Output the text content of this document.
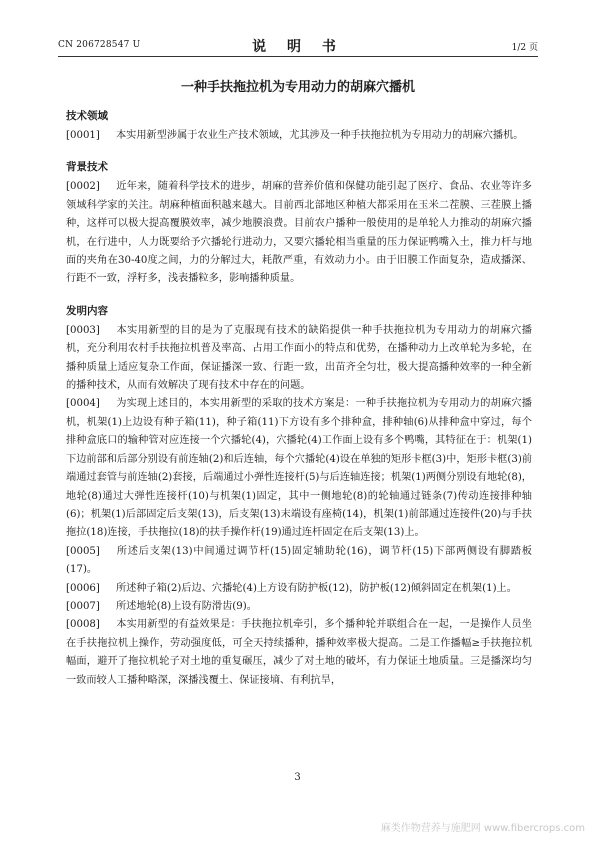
CN 206728547 U	说 明 书	1/2 页
一种手扶拖拉机为专用动力的胡麻穴播机
技术领域

[0001] 本实用新型涉属于农业生产技术领域，尤其涉及一种手扶拖拉机为专用动力的胡麻穴播机。

背景技术

[0002] 近年来，随着科学技术的进步，胡麻的营养价值和保健功能引起了医疗、食品、农业等许多领域科学家的关注。胡麻种植面积越来越大。目前西北部地区种植大都采用在玉米二茬膜、三茬膜上播种，这样可以极大提高覆膜效率，减少地膜浪费。目前农户播种一般使用的是单轮人力推动的胡麻穴播机，在行进中，人力既要给予穴播轮行进动力，又要穴播轮相当重量的压力保证鸭嘴入土，推力杆与地面的夹角在30-40度之间，力的分解过大，耗散严重，有效动力小。由于旧膜工作面复杂，造成播深、行距不一致，浮籽多，浅表播粒多，影响播种质量。

发明内容

[0003] 本实用新型的目的是为了克服现有技术的缺陷提供一种手扶拖拉机为专用动力的胡麻穴播机，充分利用农村手扶拖拉机普及率高、占用工作面小的特点和优势，在播种动力上改单轮为多轮，在播种质量上适应复杂工作面，保证播深一致、行距一致，出苗齐全匀壮，极大提高播种效率的一种全新的播种技术，从而有效解决了现有技术中存在的问题。

[0004] 为实现上述目的，本实用新型的采取的技术方案是：一种手扶拖拉机为专用动力的胡麻穴播机，机架(1)上边设有种子箱(11)，种子箱(11)下方设有多个排种盒，排种轴(6)从排种盒中穿过，每个排种盒底口的输种管对应连接一个穴播轮(4)，穴播轮(4)工作面上设有多个鸭嘴，其特征在于：机架(1)下边前部和后部分别设有前连轴(2)和后连轴，每个穴播轮(4)设在单独的矩形卡框(3)中，矩形卡框(3)前端通过套管与前连轴(2)套接，后端通过小弹性连接杆(5)与后连轴连接；机架(1)两侧分别设有地轮(8)，地轮(8)通过大弹性连接杆(10)与机架(1)固定，其中一侧地轮(8)的轮轴通过链条(7)传动连接排种轴(6)；机架(1)后部固定后支架(13)，后支架(13)末端设有座椅(14)，机架(1)前部通过连接件(20)与手扶拖拉(18)连接，手扶拖拉(18)的扶手操作杆(19)通过连杆固定在后支架(13)上。

[0005] 所述后支架(13)中间通过调节杆(15)固定辅助轮(16)，调节杆(15)下部两侧设有脚踏板(17)。

[0006] 所述种子箱(2)后边、穴播轮(4)上方设有防护板(12)，防护板(12)倾斜固定在机架(1)上。

[0007] 所述地轮(8)上设有防滑齿(9)。

[0008] 本实用新型的有益效果是：手扶拖拉机牵引，多个播种轮并联组合在一起，一是操作人员坐在手扶拖拉机上操作，劳动强度低，可全天持续播种，播种效率极大提高。二是工作播幅≥手扶拖拉机幅面，避开了拖拉机轮子对土地的重复碾压，减少了对土地的破坏，有力保证土地质量。三是播深均匀一致而较人工播种略深，深播浅覆土、保证接墒、有利抗旱，

3
麻类作物营养与施肥网 www.fibercrops.com
